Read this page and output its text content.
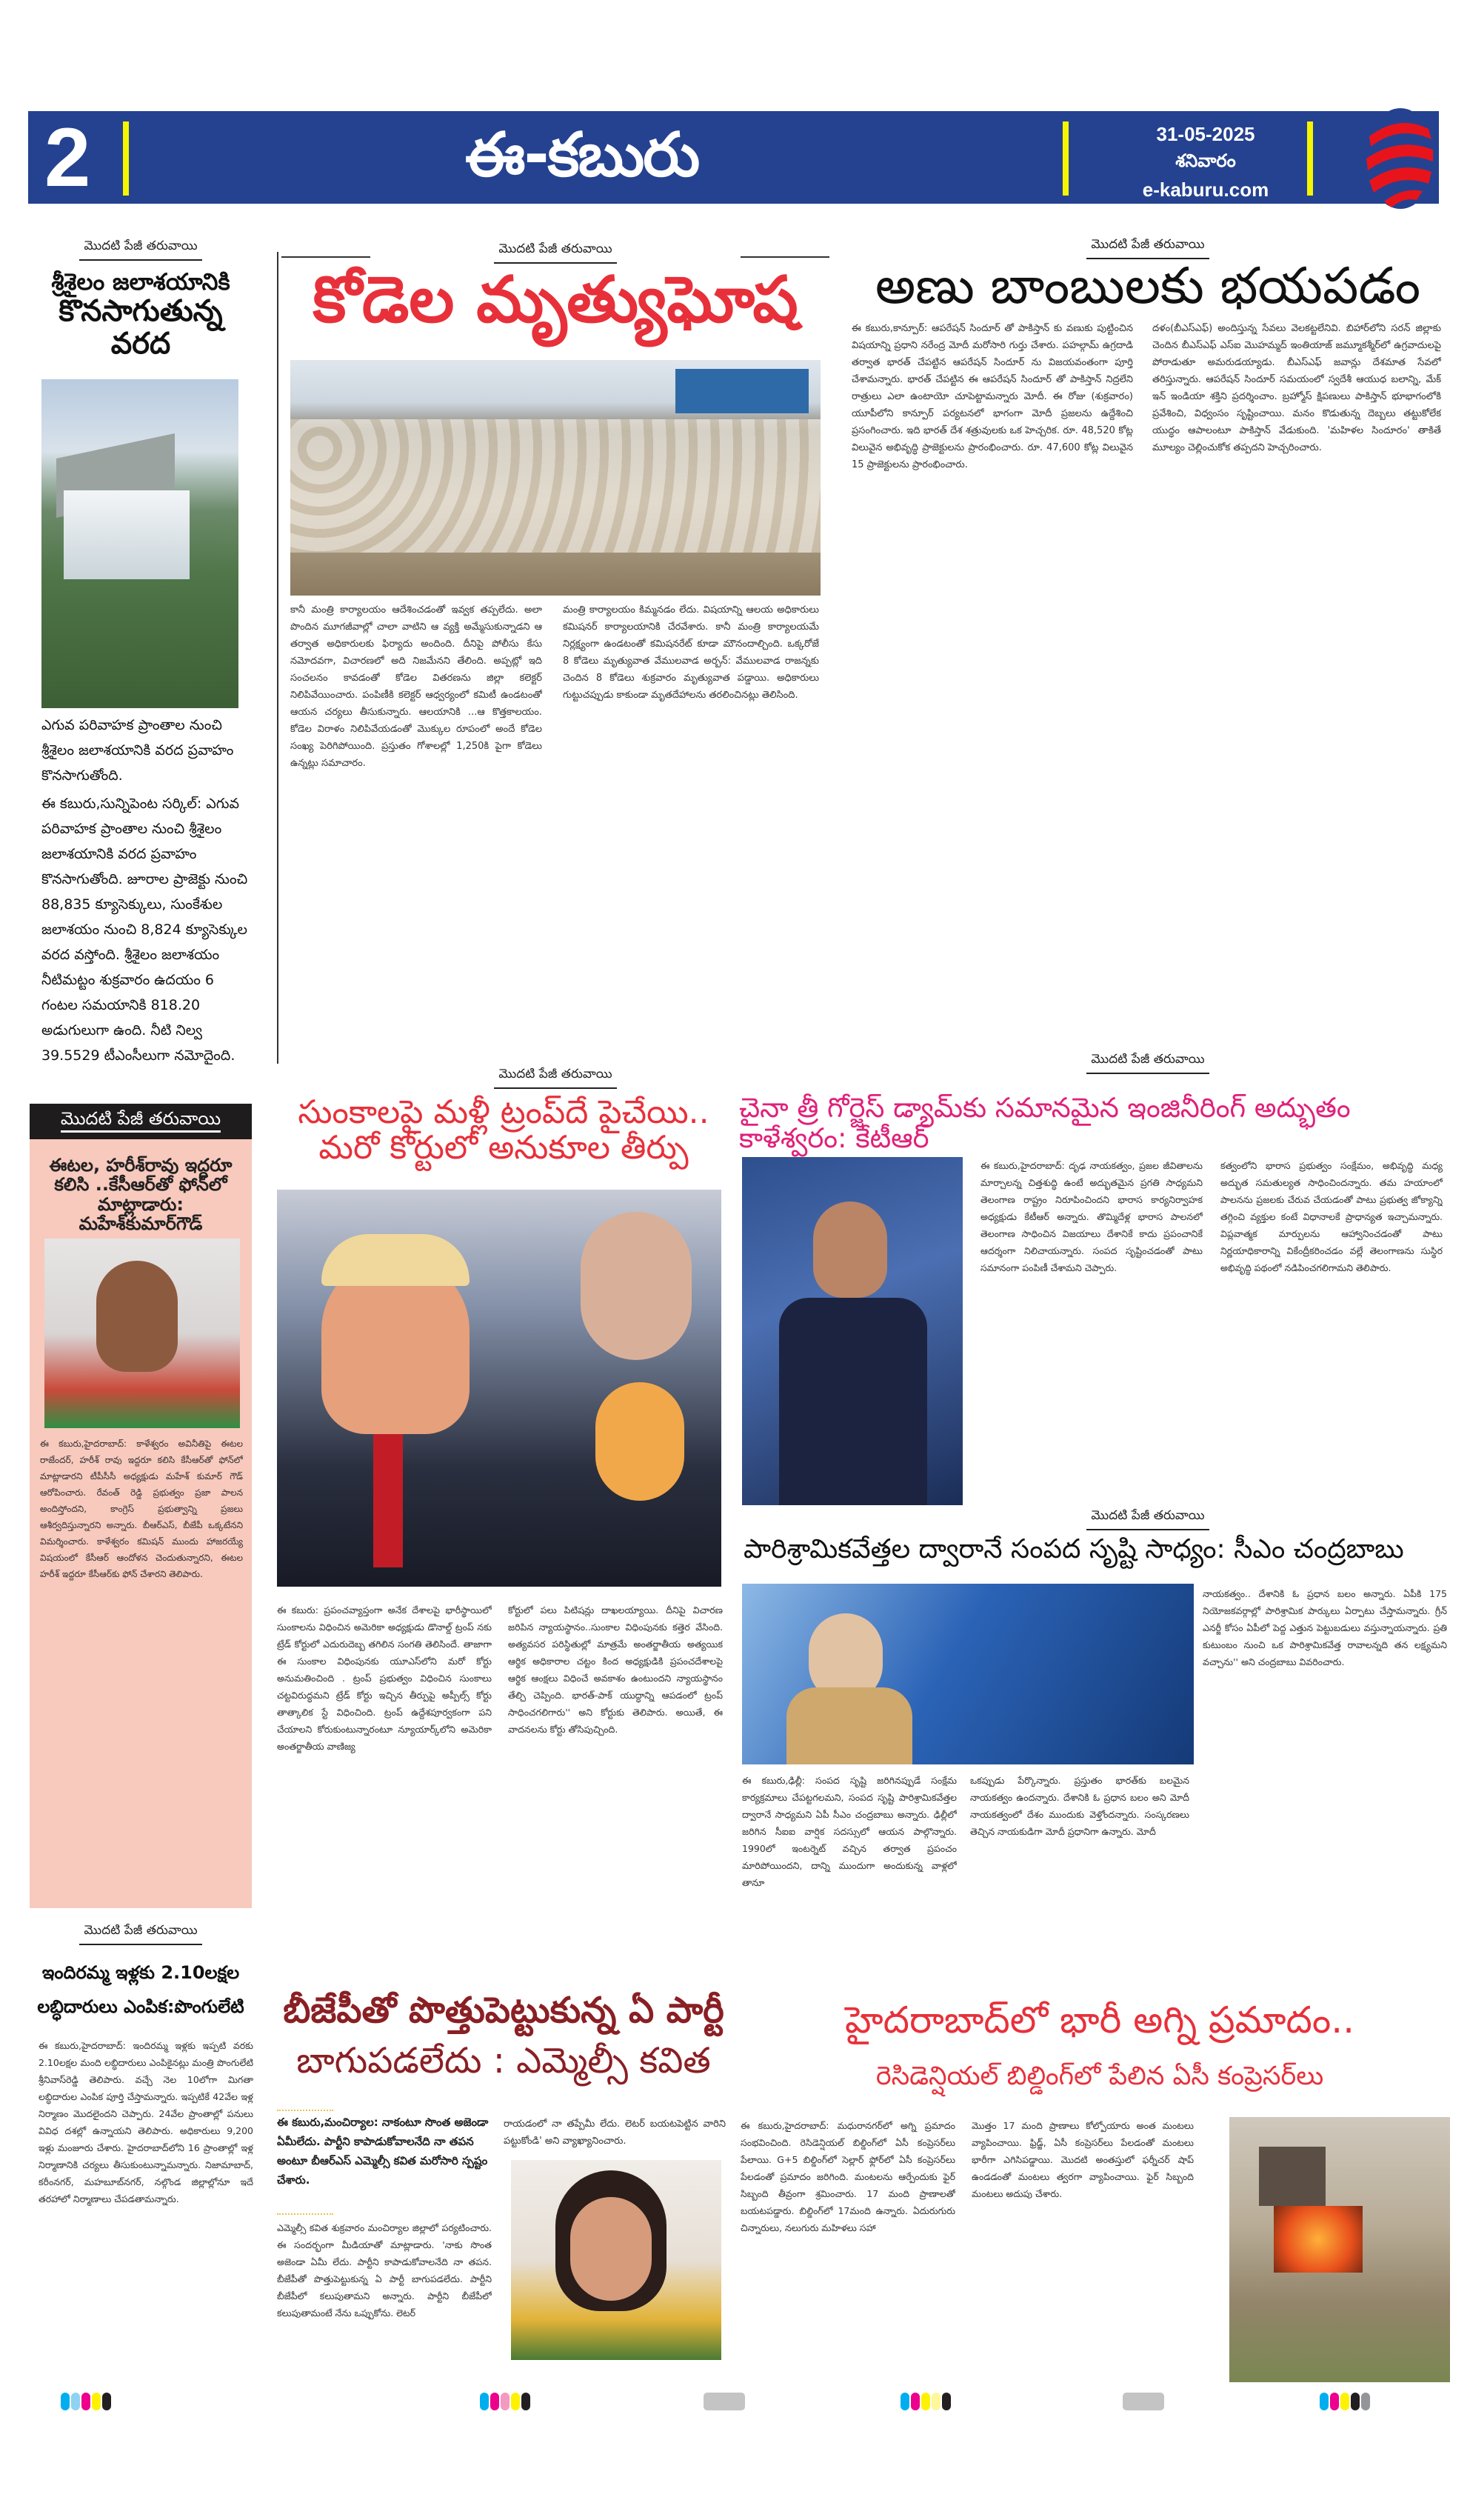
2	ఈ-కబురు	31-05-2025
శనివారం
e-kaburu.com
మొదటి పేజీ తరువాయి
శ్రీశైలం జలాశయానికి
కొనసాగుతున్న
వరద
ఎగువ పరివాహక ప్రాంతాల నుంచి శ్రీశైలం జలాశయానికి వరద ప్రవాహం కొనసాగుతోంది.
ఈ కబురు,సున్నిపెంట సర్కిల్: ఎగువ పరివాహక ప్రాంతాల నుంచి శ్రీశైలం జలాశయానికి వరద ప్రవాహం కొనసాగుతోంది. జూరాల ప్రాజెక్టు నుంచి 88,835 క్యూసెక్కులు, సుంకేశుల జలాశయం నుంచి 8,824 క్యూసెక్కుల వరద వస్తోంది. శ్రీశైలం జలాశయం నీటిమట్టం శుక్రవారం ఉదయం 6 గంటల సమయానికి 818.20 అడుగులుగా ఉంది. నీటి నిల్వ 39.5529 టీఎంసీలుగా నమోదైంది.
మొదటి పేజీ తరువాయి
కోడెల మృత్యుఘోష
కానీ మంత్రి కార్యాలయం ఆదేశించడంతో ఇవ్వక తప్పలేదు. అలా పొందిన మూగజీవాల్లో చాలా వాటిని ఆ వ్యక్తి అమ్మేసుకున్నాడని ఆ తర్వాత అధికారులకు ఫిర్యాదు అందింది. దీనిపై పోలీసు కేసు నమోదవగా, విచారణలో అది నిజమేనని తేలింది. అప్పట్లో ఇది సంచలనం కావడంతో కోడెల వితరణను జిల్లా కలెక్టర్ నిలిపివేయించారు. పంపిణీకి కలెక్టర్ ఆధ్వర్యంలో కమిటీ ఉండటంతో ఆయన చర్యలు తీసుకున్నారు. ఆలయానికి ...ఆ కొత్తకాలయం. కోడెల విరాళం నిలిపివేయడంతో మొక్కుల రూపంలో అందే కోడెల సంఖ్య పెరిగిపోయింది. ప్రస్తుతం గోశాలల్లో 1,250కి పైగా కోడెలు ఉన్నట్లు సమాచారం.
మంత్రి కార్యాలయం కిమ్మనడం లేదు. విషయాన్ని ఆలయ అధికారులు కమిషనర్ కార్యాలయానికి చేరవేశారు. కానీ మంత్రి కార్యాలయమే నిర్లక్ష్యంగా ఉండటంతో కమిషనరేట్ కూడా మౌనందాల్చింది. ఒక్కరోజే 8 కోడెలు మృత్యువాత వేములవాడ అర్బన్: వేములవాడ రాజన్నకు చెందిన 8 కోడెలు శుక్రవారం మృత్యువాత పడ్డాయి. అధికారులు గుట్టుచప్పుడు కాకుండా మృతదేహాలను తరలించినట్లు తెలిసింది.
మొదటి పేజీ తరువాయి
అణు బాంబులకు భయపడం
ఈ కబురు,కాన్పూర్: ఆపరేషన్ సిందూర్ తో పాకిస్తాన్ కు వణుకు పుట్టించిన విషయాన్ని ప్రధాని నరేంద్ర మోదీ మరోసారి గుర్తు చేశారు. పహల్గామ్ ఉగ్రదాడి తర్వాత భారత్ చేపట్టిన ఆపరేషన్ సిందూర్ ను విజయవంతంగా పూర్తి చేశామన్నారు. భారత్ చేపట్టిన ఈ ఆపరేషన్ సిందూర్ తో పాకిస్తాన్ నిద్రలేని రాత్రులు ఎలా ఉంటాయో చూపెట్టామన్నారు మోదీ. ఈ రోజు (శుక్రవారం) యూపీలోని కాన్పూర్ పర్యటనలో భాగంగా మోదీ ప్రజలను ఉద్దేశించి ప్రసంగించారు. ఇది భారత్ దేశ శత్రువులకు ఒక హెచ్చరిక. రూ. 48,520 కోట్ల విలువైన అభివృద్ధి ప్రాజెక్టులను ప్రారంభించారు. రూ. 47,600 కోట్ల విలువైన 15 ప్రాజెక్టులను ప్రారంభించారు.
దళం(బీఎస్ఎఫ్) అందిస్తున్న సేవలు వెలకట్టలేనివి. బిహార్‌లోని సరన్ జిల్లాకు చెందిన బీఎస్ఎఫ్ ఎస్ఐ మొహమ్మద్ ఇంతియాజ్ జమ్మూకశ్మీర్‌లో ఉగ్రవాదులపై పోరాడుతూ అమరుడయ్యాడు. బీఎస్ఎఫ్ జవాన్లు దేశమాత సేవలో తరిస్తున్నారు. ఆపరేషన్ సిందూర్ సమయంలో స్వదేశీ ఆయుధ బలాన్ని, మేక్ ఇన్ ఇండియా శక్తిని ప్రదర్శించాం. బ్రహ్మోస్ క్షిపణులు పాకిస్తాన్ భూభాగంలోకి ప్రవేశించి, విధ్వంసం సృష్టించాయి. మనం కొడుతున్న దెబ్బలు తట్టుకోలేక యుద్ధం ఆపాలంటూ పాకిస్తాన్ వేడుకుంది. 'మహిళల సిందూరం' తాకితే మూల్యం చెల్లించుకోక తప్పదని హెచ్చరించారు.
మొదటి పేజీ తరువాయి
మొదటి పేజీ తరువాయి
మొదటి పేజీ తరువాయి
ఈటల, హరీశ్‌రావు ఇద్దరూ కలిసి ..కేసీఆర్‌తో ఫోన్‌లో మాట్లాడారు: మహేశ్‌కుమార్‌గౌడ్
ఈ కబురు,హైదరాబాద్: కాళేశ్వరం అవినీతిపై ఈటల రాజేందర్, హరీశ్ రావు ఇద్దరూ కలిసి కేసీఆర్‌తో ఫోన్‌లో మాట్లాడారని టీపీసీసీ అధ్యక్షుడు మహేశ్ కుమార్ గౌడ్ ఆరోపించారు. రేవంత్ రెడ్డి ప్రభుత్వం ప్రజా పాలన అందిస్తోందని, కాంగ్రెస్ ప్రభుత్వాన్ని ప్రజలు ఆశీర్వదిస్తున్నారని అన్నారు. బీఆర్ఎస్, బీజేపీ ఒక్కటేనని విమర్శించారు. కాళేశ్వరం కమిషన్ ముందు హాజరయ్యే విషయంలో కేసీఆర్ ఆందోళన చెందుతున్నారని, ఈటల హరీశ్ ఇద్దరూ కేసీఆర్‌కు ఫోన్ చేశారని తెలిపారు.
సుంకాలపై మళ్లీ ట్రంప్‌దే పైచేయి..
మరో కోర్టులో అనుకూల తీర్పు
ఈ కబురు: ప్రపంచవ్యాప్తంగా అనేక దేశాలపై భారీస్థాయిలో సుంకాలను విధించిన అమెరికా అధ్యక్షుడు డొనాల్డ్ ట్రంప్ నకు ట్రేడ్ కోర్టులో ఎదురుదెబ్బ తగిలిన సంగతి తెలిసిందే. తాజాగా ఈ సుంకాల విధింపునకు యూఎస్‌లోని మరో కోర్టు అనుమతించింది . ట్రంప్ ప్రభుత్వం విధించిన సుంకాలు చట్టవిరుద్ధమని ట్రేడ్ కోర్టు ఇచ్చిన తీర్పుపై అప్పీల్స్ కోర్టు తాత్కాలిక స్టే విధించింది. ట్రంప్ ఉద్దేశపూర్వకంగా పని చేయాలని కోరుకుంటున్నారంటూ న్యూయార్క్‌లోని అమెరికా అంతర్జాతీయ వాణిజ్య
కోర్టులో పలు పిటిషన్లు దాఖలయ్యాయి. దీనిపై విచారణ జరిపిన న్యాయస్థానం..సుంకాల విధింపునకు కత్తెర వేసింది. అత్యవసర పరిస్థితుల్లో మాత్రమే అంతర్జాతీయ అత్యయిక ఆర్థిక అధికారాల చట్టం కింద అధ్యక్షుడికి ప్రపంచదేశాలపై ఆర్థిక ఆంక్షలు విధించే అవకాశం ఉంటుందని న్యాయస్థానం తేల్చి చెప్పింది. భారత్-పాక్ యుద్ధాన్ని ఆపడంలో ట్రంప్ సాధించగలిగారు'' అని కోర్టుకు తెలిపారు. అయితే, ఈ వాదనలను కోర్టు తోసిపుచ్చింది.
చైనా త్రీ గోర్జెస్ డ్యామ్‌కు సమానమైన ఇంజినీరింగ్ అద్భుతం కాళేశ్వరం: కేటీఆర్
ఈ కబురు,హైదరాబాద్: దృఢ నాయకత్వం, ప్రజల జీవితాలను మార్చాలన్న చిత్తశుద్ధి ఉంటే అద్భుతమైన ప్రగతి సాధ్యమని తెలంగాణ రాష్ట్రం నిరూపించిందని భారాస కార్యనిర్వాహక అధ్యక్షుడు కేటీఆర్ అన్నారు. తొమ్మిదేళ్ల భారాస పాలనలో తెలంగాణ సాధించిన విజయాలు దేశానికే కాదు ప్రపంచానికే ఆదర్శంగా నిలిచాయన్నారు. సంపద సృష్టించడంతో పాటు సమానంగా పంపిణీ చేశామని చెప్పారు.
కత్వంలోని భారాస ప్రభుత్వం సంక్షేమం, అభివృద్ధి మధ్య అద్భుత సమతుల్యత సాధించిందన్నారు. తమ హయాంలో పాలనను ప్రజలకు చేరువ చేయడంతో పాటు ప్రభుత్వ జోక్యాన్ని తగ్గించి వ్యక్తుల కంటే విధానాలకే ప్రాధాన్యత ఇచ్చామన్నారు. విప్లవాత్మక మార్పులను ఆహ్వానించడంతో పాటు నిర్ణయాధికారాన్ని వికేంద్రీకరించడం వల్లే తెలంగాణను సుస్థిర అభివృద్ధి పథంలో నడిపించగలిగామని తెలిపారు.
మొదటి పేజీ తరువాయి
పారిశ్రామికవేత్తల ద్వారానే సంపద సృష్టి సాధ్యం: సీఎం చంద్రబాబు
నాయకత్వం.. దేశానికి ఓ ప్రధాన బలం అన్నారు. ఏపీకి 175 నియోజకవర్గాల్లో పారిశ్రామిక పార్కులు ఏర్పాటు చేస్తామన్నారు. గ్రీన్ ఎనర్జీ కోసం ఏపీలో పెద్ద ఎత్తున పెట్టుబడులు వస్తున్నాయన్నారు. ప్రతి కుటుంబం నుంచి ఒక పారిశ్రామికవేత్త రావాలన్నది తన లక్ష్యమని వచ్చాను'' అని చంద్రబాబు వివరించారు.
ఈ కబురు,ఢిల్లీ: సంపద సృష్టి జరిగినప్పుడే సంక్షేమ కార్యక్రమాలు చేపట్టగలమని, సంపద సృష్టి పారిశ్రామికవేత్తల ద్వారానే సాధ్యమని ఏపీ సీఎం చంద్రబాబు అన్నారు. ఢిల్లీలో జరిగిన సీఐఐ వార్షిక సదస్సులో ఆయన పాల్గొన్నారు. 1990లో ఇంటర్నెట్ వచ్చిన తర్వాత ప్రపంచం మారిపోయిందని, దాన్ని ముందుగా అందుకున్న వాళ్లలో తానూ
ఒకప్పుడు పేర్కొన్నారు. ప్రస్తుతం భారత్‌కు బలమైన నాయకత్వం ఉందన్నారు. దేశానికి ఓ ప్రధాన బలం అని మోదీ నాయకత్వంలో దేశం ముందుకు వెళ్తోందన్నారు. సంస్కరణలు తెచ్చిన నాయకుడిగా మోదీ ప్రధానిగా ఉన్నారు. మోదీ
మొదటి పేజీ తరువాయి
ఇందిరమ్మ ఇళ్లకు 2.10లక్షల లబ్ధిదారులు ఎంపిక:పొంగులేటి
ఈ కబురు,హైదరాబాద్: ఇందిరమ్మ ఇళ్లకు ఇప్పటి వరకు 2.10లక్షల మంది లబ్ధిదారులు ఎంపికైనట్లు మంత్రి పొంగులేటి శ్రీనివాస్‌రెడ్డి తెలిపారు. వచ్చే నెల 10లోగా మిగతా లబ్ధిదారుల ఎంపిక పూర్తి చేస్తామన్నారు. ఇప్పటికే 42వేల ఇళ్ల నిర్మాణం మొదలైందని చెప్పారు. 24వేల ప్రాంతాల్లో పనులు వివిధ దశల్లో ఉన్నాయని తెలిపారు. అధికారులు 9,200 ఇళ్లు మంజూరు చేశారు. హైదరాబాద్‌లోని 16 ప్రాంతాల్లో ఇళ్ల నిర్మాణానికి చర్యలు తీసుకుంటున్నామన్నారు. నిజామాబాద్, కరీంనగర్, మహబూబ్‌నగర్, నల్గొండ జిల్లాల్లోనూ ఇదే తరహాలో నిర్మాణాలు చేపడతామన్నారు.
బీజేపీతో పొత్తుపెట్టుకున్న ఏ పార్టీ
బాగుపడలేదు : ఎమ్మెల్సీ కవిత
ఈ కబురు,మంచిర్యాల: నాకంటూ సొంత అజెండా ఏమీలేదు. పార్టీని కాపాడుకోవాలనేది నా తపన అంటూ బీఆర్ఎస్ ఎమ్మెల్సీ కవిత మరోసారి స్పష్టం చేశారు.
ఎమ్మెల్సీ కవిత శుక్రవారం మంచిర్యాల జిల్లాలో పర్యటించారు. ఈ సందర్భంగా మీడియాతో మాట్లాడారు. 'నాకు సొంత అజెండా ఏమీ లేదు. పార్టీని కాపాడుకోవాలనేది నా తపన. బీజేపీతో పొత్తుపెట్టుకున్న ఏ పార్టీ బాగుపడలేదు. పార్టీని బీజేపీలో కలుపుతామని అన్నారు. పార్టీని బీజేపీలో కలుపుతామంటే నేను ఒప్పుకోను. లెటర్
రాయడంలో నా తప్పేమీ లేదు. లెటర్ బయటపెట్టిన వారిని పట్టుకోండి' అని వ్యాఖ్యానించారు.
హైదరాబాద్‌లో భారీ అగ్ని ప్రమాదం..
రెసిడెన్షియల్ బిల్డింగ్‌లో పేలిన ఏసీ కంప్రెసర్‌లు
ఈ కబురు,హైదరాబాద్: మధురానగర్‌లో అగ్ని ప్రమాదం సంభవించింది. రెసిడెన్షియల్ బిల్డింగ్‌లో ఏసీ కంప్రెసర్‌లు పేలాయి. G+5 బిల్డింగ్‌లో సెల్లార్ ఫ్లోర్‌లో ఏసీ కంప్రెసర్‌లు పేలడంతో ప్రమాదం జరిగింది. మంటలను ఆర్పేందుకు ఫైర్ సిబ్బంది తీవ్రంగా శ్రమించారు. 17 మంది ప్రాణాలతో బయటపడ్డారు. బిల్డింగ్‌లో 17మంది ఉన్నారు. ఏదురుగురు చిన్నారులు, నలుగురు మహిళలు సహా
మొత్తం 17 మంది ప్రాణాలు కోల్పోయారు అంత మంటలు వ్యాపించాయి. ఫ్రిడ్జ్, ఏసీ కంప్రెసర్‌లు పేలడంతో మంటలు భారీగా ఎగిసిపడ్డాయి. మొదటి అంతస్తులో ఫర్నీచర్ షాప్ ఉండడంతో మంటలు త్వరగా వ్యాపించాయి. ఫైర్ సిబ్బంది మంటలు అదుపు చేశారు.
